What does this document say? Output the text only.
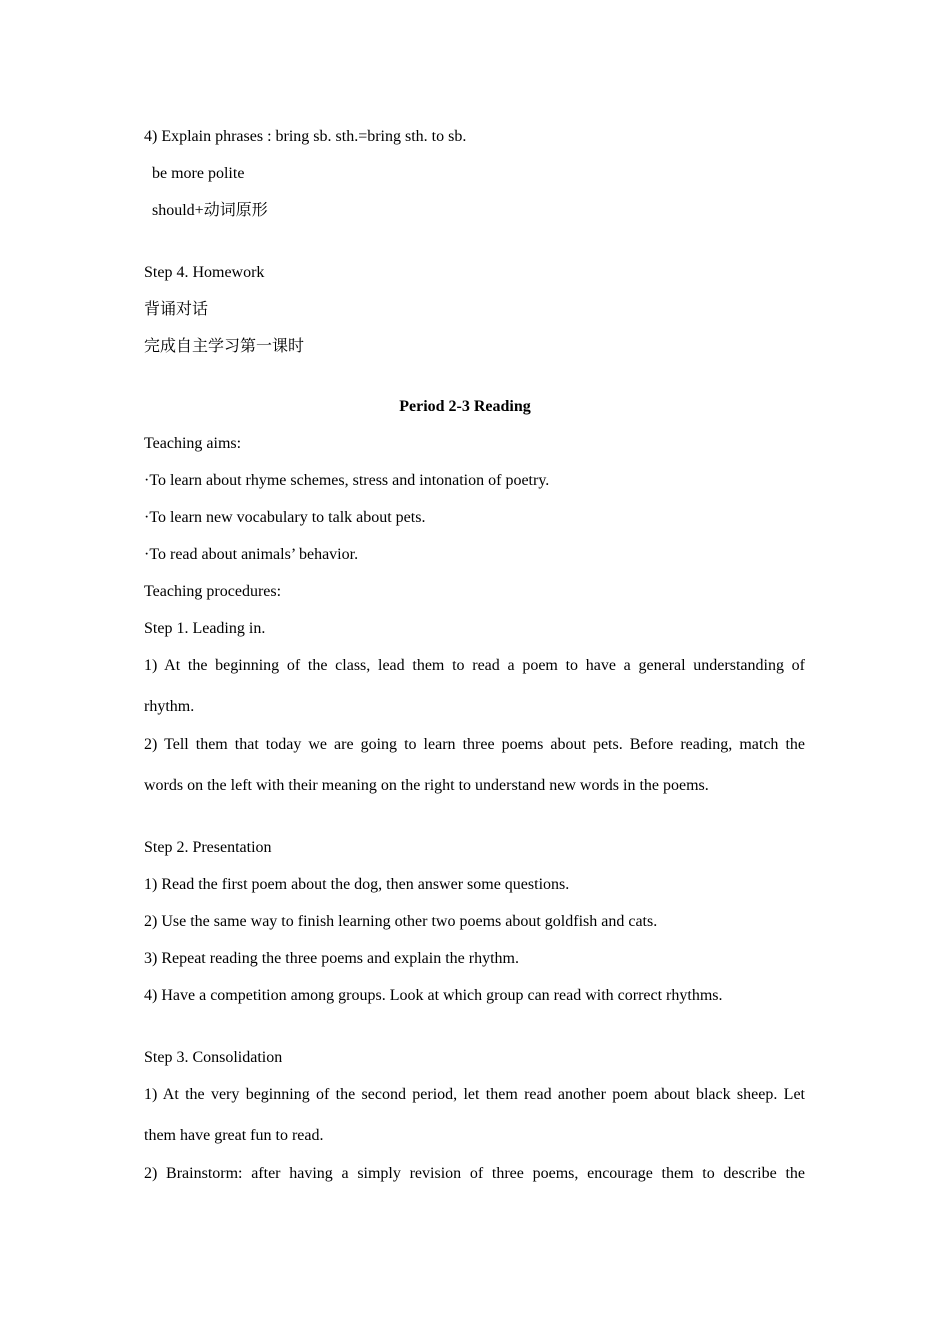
4) Explain phrases : bring sb. sth.=bring sth. to sb.
be more polite
should+动词原形
Step 4. Homework
背诵对话
完成自主学习第一课时
Period 2-3 Reading
Teaching aims:
·To learn about rhyme schemes, stress and intonation of poetry.
·To learn new vocabulary to talk about pets.
·To read about animals’ behavior.
Teaching procedures:
Step 1. Leading in.
1) At the beginning of the class, lead them to read a poem to have a general understanding of
rhythm.
2) Tell them that today we are going to learn three poems about pets. Before reading, match the
words on the left with their meaning on the right to understand new words in the poems.
Step 2. Presentation
1) Read the first poem about the dog, then answer some questions.
2) Use the same way to finish learning other two poems about goldfish and cats.
3) Repeat reading the three poems and explain the rhythm.
4) Have a competition among groups. Look at which group can read with correct rhythms.
Step 3. Consolidation
1) At the very beginning of the second period, let them read another poem about black sheep. Let
them have great fun to read.
2) Brainstorm: after having a simply revision of three poems, encourage them to describe the
